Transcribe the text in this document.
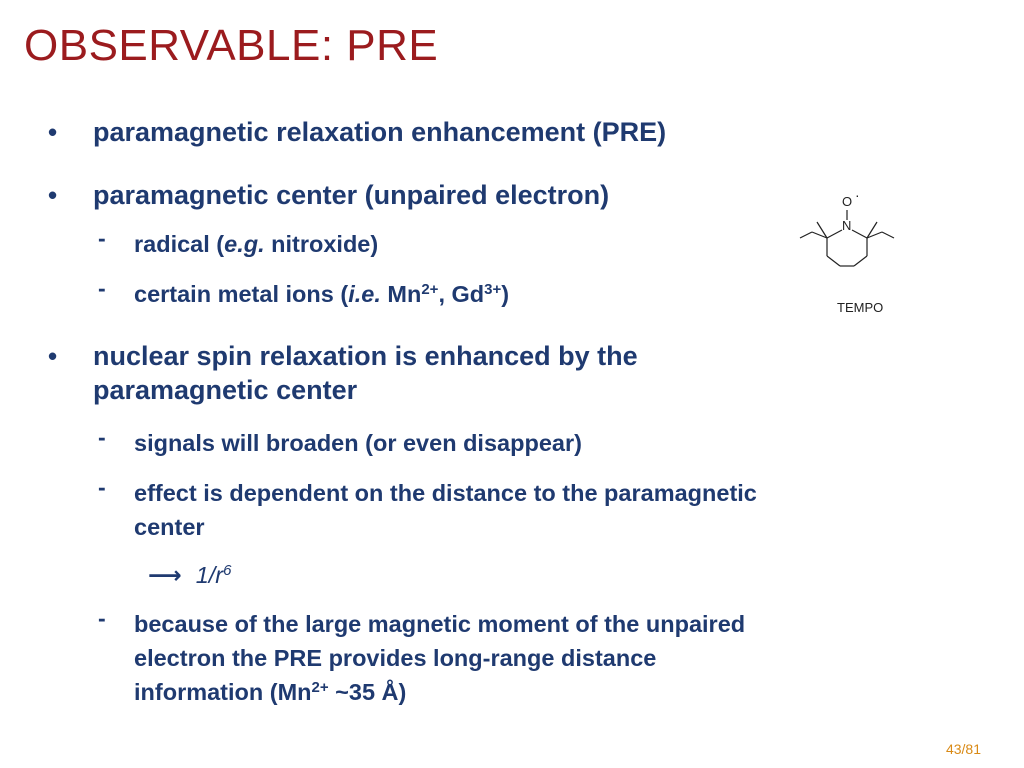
OBSERVABLE: PRE
• paramagnetic relaxation enhancement (PRE)
• paramagnetic center (unpaired electron)
- radical (e.g. nitroxide)
- certain metal ions (i.e. $Mn^{2+}$, $Gd^{3+}$)
• nuclear spin relaxation is enhanced by the
paramagnetic center
- signals will broaden (or even disappear)
- effect is dependent on the distance to the paramagnetic
center
⟶ $1/r^6$
- because of the large magnetic moment of the unpaired
electron the PRE provides long-range distance
information ($Mn^{2+}$ ~35 Å)
O ·
N
TEMPO
43/81
